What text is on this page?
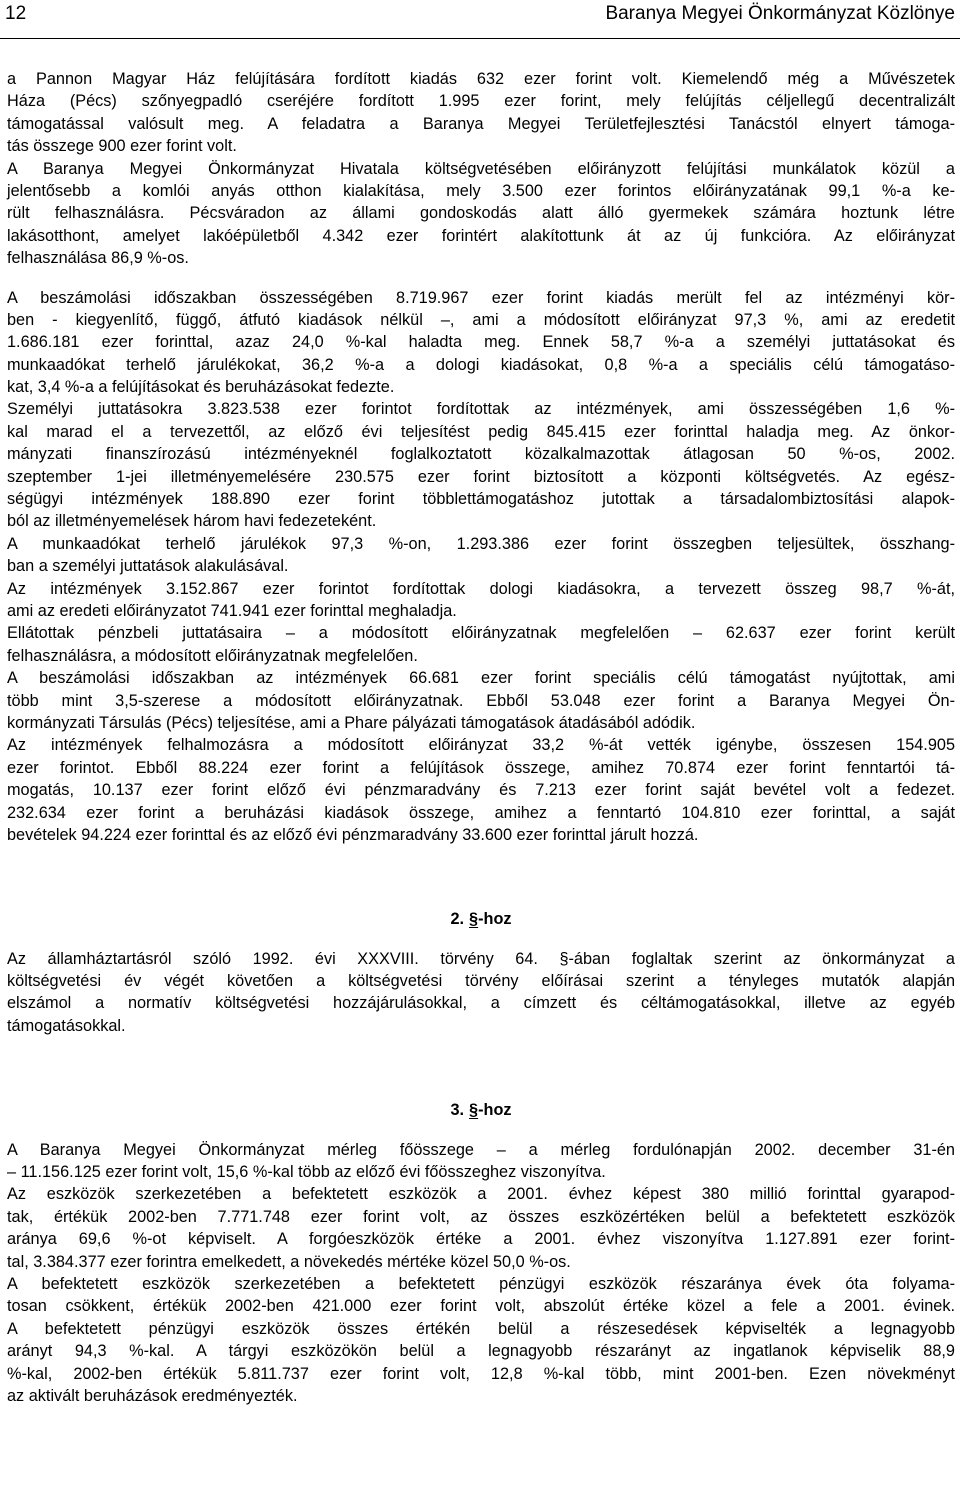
12	Baranya Megyei Önkormányzat Közlönye
a Pannon Magyar Ház felújítására fordított kiadás 632 ezer forint volt. Kiemelendő még a Művészetek
Háza (Pécs) szőnyegpadló cseréjére fordított 1.995 ezer forint, mely felújítás céljellegű decentralizált
támogatással valósult meg. A feladatra a Baranya Megyei Területfejlesztési Tanácstól elnyert támoga-
tás összege 900 ezer forint volt.
A Baranya Megyei Önkormányzat Hivatala költségvetésében előirányzott felújítási munkálatok közül a
jelentősebb a komlói anyás otthon kialakítása, mely 3.500 ezer forintos előirányzatának 99,1 %-a ke-
rült felhasználásra. Pécsváradon az állami gondoskodás alatt álló gyermekek számára hoztunk létre
lakásotthont, amelyet lakóépületből 4.342 ezer forintért alakítottunk át az új funkcióra. Az előirányzat
felhasználása 86,9 %-os.
A beszámolási időszakban összességében 8.719.967 ezer forint kiadás merült fel az intézményi kör-
ben - kiegyenlítő, függő, átfutó kiadások nélkül –, ami a módosított előirányzat 97,3 %, ami az eredetit
1.686.181 ezer forinttal, azaz 24,0 %-kal haladta meg. Ennek 58,7 %-a a személyi juttatásokat és
munkaadókat terhelő járulékokat, 36,2 %-a a dologi kiadásokat, 0,8 %-a a speciális célú támogatáso-
kat, 3,4 %-a a felújításokat és beruházásokat fedezte.
Személyi juttatásokra 3.823.538 ezer forintot fordítottak az intézmények, ami összességében 1,6 %-
kal marad el a tervezettől, az előző évi teljesítést pedig 845.415 ezer forinttal haladja meg. Az önkor-
mányzati finanszírozású intézményeknél foglalkoztatott közalkalmazottak átlagosan 50 %-os, 2002.
szeptember 1-jei illetményemelésére 230.575 ezer forint biztosított a központi költségvetés. Az egész-
ségügyi intézmények 188.890 ezer forint többlettámogatáshoz jutottak a társadalombiztosítási alapok-
ból az illetményemelések három havi fedezeteként.
A munkaadókat terhelő járulékok 97,3 %-on, 1.293.386 ezer forint összegben teljesültek, összhang-
ban a személyi juttatások alakulásával.
Az intézmények 3.152.867 ezer forintot fordítottak dologi kiadásokra, a tervezett összeg 98,7 %-át,
ami az eredeti előirányzatot 741.941 ezer forinttal meghaladja.
Ellátottak pénzbeli juttatásaira – a módosított előirányzatnak megfelelően – 62.637 ezer forint került
felhasználásra, a módosított előirányzatnak megfelelően.
A beszámolási időszakban az intézmények 66.681 ezer forint speciális célú támogatást nyújtottak, ami
több mint 3,5-szerese a módosított előirányzatnak. Ebből 53.048 ezer forint a Baranya Megyei Ön-
kormányzati Társulás (Pécs) teljesítése, ami a Phare pályázati támogatások átadásából adódik.
Az intézmények felhalmozásra a módosított előirányzat 33,2 %-át vették igénybe, összesen 154.905
ezer forintot. Ebből 88.224 ezer forint a felújítások összege, amihez 70.874 ezer forint fenntartói tá-
mogatás, 10.137 ezer forint előző évi pénzmaradvány és 7.213 ezer forint saját bevétel volt a fedezet.
232.634 ezer forint a beruházási kiadások összege, amihez a fenntartó 104.810 ezer forinttal, a saját
bevételek 94.224 ezer forinttal és az előző évi pénzmaradvány 33.600 ezer forinttal járult hozzá.
2. §-hoz
Az államháztartásról szóló 1992. évi XXXVIII. törvény 64. §-ában foglaltak szerint az önkormányzat a
költségvetési év végét követően a költségvetési törvény előírásai szerint a tényleges mutatók alapján
elszámol a normatív költségvetési hozzájárulásokkal, a címzett és céltámogatásokkal, illetve az egyéb
támogatásokkal.
3. §-hoz
A Baranya Megyei Önkormányzat mérleg főösszege – a mérleg fordulónapján 2002. december 31-én
– 11.156.125 ezer forint volt, 15,6 %-kal több az előző évi főösszeghez viszonyítva.
Az eszközök szerkezetében a befektetett eszközök a 2001. évhez képest 380 millió forinttal gyarapod-
tak, értékük 2002-ben 7.771.748 ezer forint volt, az összes eszközértéken belül a befektetett eszközök
aránya 69,6 %-ot képviselt. A forgóeszközök értéke a 2001. évhez viszonyítva 1.127.891 ezer forint-
tal, 3.384.377 ezer forintra emelkedett, a növekedés mértéke közel 50,0 %-os.
A befektetett eszközök szerkezetében a befektetett pénzügyi eszközök részaránya évek óta folyama-
tosan csökkent, értékük 2002-ben 421.000 ezer forint volt, abszolút értéke közel a fele a 2001. évinek.
A befektetett pénzügyi eszközök összes értékén belül a részesedések képviselték a legnagyobb
arányt 94,3 %-kal. A tárgyi eszközökön belül a legnagyobb részarányt az ingatlanok képviselik 88,9
%-kal, 2002-ben értékük 5.811.737 ezer forint volt, 12,8 %-kal több, mint 2001-ben. Ezen növekményt
az aktivált beruházások eredményezték.
